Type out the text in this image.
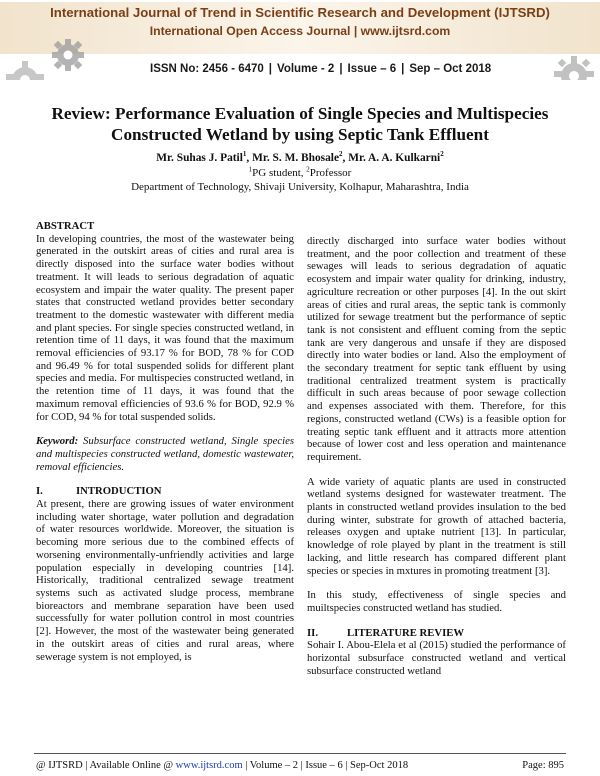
International Journal of Trend in Scientific Research and Development (IJTSRD)
International Open Access Journal | www.ijtsrd.com
ISSN No: 2456 - 6470 | Volume - 2 | Issue – 6 | Sep – Oct 2018
Review: Performance Evaluation of Single Species and Multispecies
Constructed Wetland by using Septic Tank Effluent
Mr. Suhas J. Patil$^1$, Mr. S. M. Bhosale$^2$, Mr. A. A. Kulkarni$^2$
$^1$PG student, $^2$Professor
Department of Technology, Shivaji University, Kolhapur, Maharashtra, India
ABSTRACT

In developing countries, the most of the wastewater being generated in the outskirt areas of cities and rural area is directly disposed into the surface water bodies without treatment. It will leads to serious degradation of aquatic ecosystem and impair the water quality. The present paper states that constructed wetland provides better secondary treatment to the domestic wastewater with different media and plant species. For single species constructed wetland, in retention time of 11 days, it was found that the maximum removal efficiencies of 93.17 % for BOD, 78 % for COD and 96.49 % for total suspended solids for different plant species and media. For multispecies constructed wetland, in the retention time of 11 days, it was found that the maximum removal efficiencies of 93.6 % for BOD, 92.9 % for COD, 94 % for total suspended solids.

Keyword: Subsurface constructed wetland, Single species and multispecies constructed wetland, domestic wastewater, removal efficiencies.

I.	INTRODUCTION

At present, there are growing issues of water environment including water shortage, water pollution and degradation of water resources worldwide. Moreover, the situation is becoming more serious due to the combined effects of worsening environmentally-unfriendly activities and large population especially in developing countries [14]. Historically, traditional centralized sewage treatment systems such as activated sludge process, membrane bioreactors and membrane separation have been used successfully for water pollution control in most countries [2]. However, the most of the wastewater being generated in the outskirt areas of cities and rural areas, where sewerage system is not employed, is

directly discharged into surface water bodies without treatment, and the poor collection and treatment of these sewages will leads to serious degradation of aquatic ecosystem and impair water quality for drinking, industry, agriculture recreation or other purposes [4]. In the out skirt areas of cities and rural areas, the septic tank is commonly utilized for sewage treatment but the performance of septic tank is not consistent and effluent coming from the septic tank are very dangerous and unsafe if they are disposed directly into water bodies or land. Also the employment of the secondary treatment for septic tank effluent by using traditional centralized treatment system is practically difficult in such areas because of poor sewage collection and expenses associated with them. Therefore, for this regions, constructed wetland (CWs) is a feasible option for treating septic tank effluent and it attracts more attention because of lower cost and less operation and maintenance requirement.

A wide variety of aquatic plants are used in constructed wetland systems designed for wastewater treatment. The plants in constructed wetland provides insulation to the bed during winter, substrate for growth of attached bacteria, releases oxygen and uptake nutrient [13]. In particular, knowledge of role played by plant in the treatment is still lacking, and little research has compared different plant species or species in mxtures in promoting treatment [3].

In this study, effectiveness of single species and muiltspecies constructed wetland has studied.

II.	LITERATURE REVIEW

Sohair I. Abou-Elela et al (2015) studied the performance of horizontal subsurface constructed wetland and vertical subsurface constructed wetland

@ IJTSRD | Available Online @ www.ijtsrd.com | Volume – 2 | Issue – 6 | Sep-Oct 2018	Page: 895
